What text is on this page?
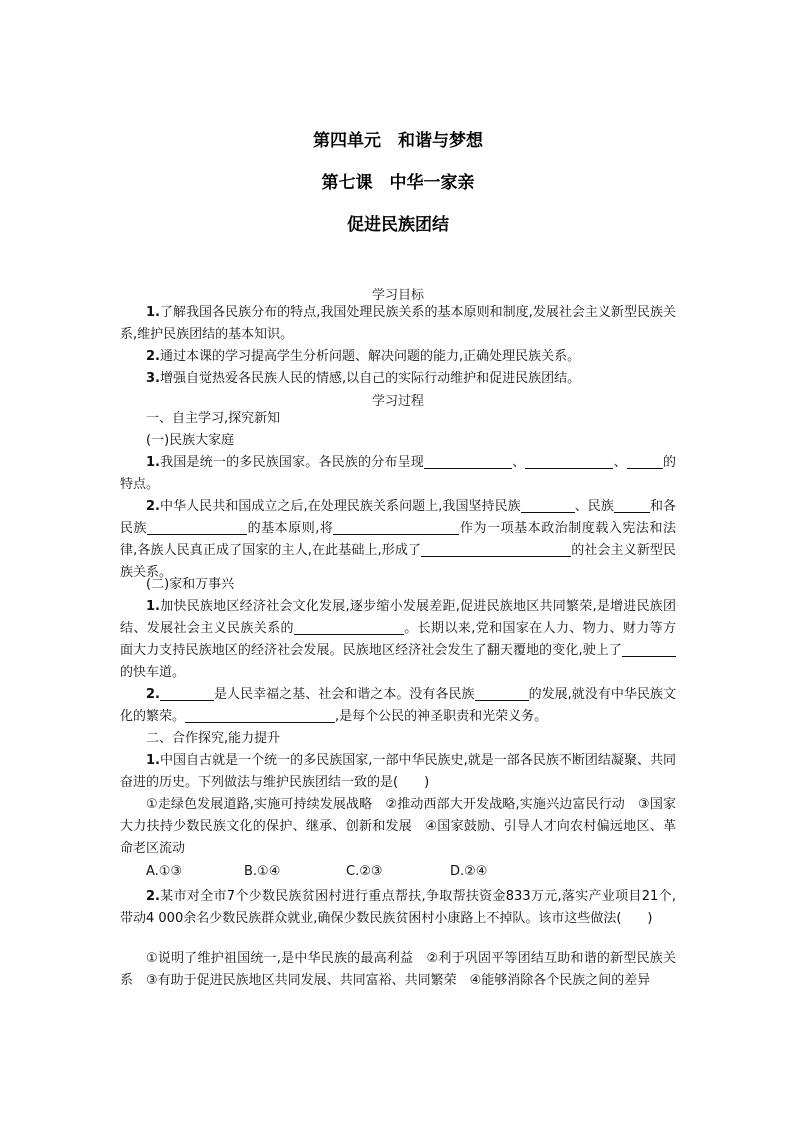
第四单元　和谐与梦想
第七课　中华一家亲
促进民族团结
学习目标
1.了解我国各民族分布的特点,我国处理民族关系的基本原则和制度,发展社会主义新型民族关系,维护民族团结的基本知识。
2.通过本课的学习提高学生分析问题、解决问题的能力,正确处理民族关系。
3.增强自觉热爱各民族人民的情感,以自己的实际行动维护和促进民族团结。
学习过程
一、自主学习,探究新知
(一)民族大家庭
1.我国是统一的多民族国家。各民族的分布呈现	、	、	的特点。
2.中华人民共和国成立之后,在处理民族关系问题上,我国坚持民族	、民族	和各民族	的基本原则,将	作为一项基本政治制度载入宪法和法律,各族人民真正成了国家的主人,在此基础上,形成了	的社会主义新型民族关系。
(二)家和万事兴
1.加快民族地区经济社会文化发展,逐步缩小发展差距,促进民族地区共同繁荣,是增进民族团结、发展社会主义民族关系的	。长期以来,党和国家在人力、物力、财力等方面大力支持民族地区的经济社会发展。民族地区经济社会发生了翻天覆地的变化,驶上了的快车道。
2.	是人民幸福之基、社会和谐之本。没有各民族	的发展,就没有中华民族文化的繁荣。	,是每个公民的神圣职责和光荣义务。
二、合作探究,能力提升
1.中国自古就是一个统一的多民族国家,一部中华民族史,就是一部各民族不断团结凝聚、共同奋进的历史。下列做法与维护民族团结一致的是(　　)
①走绿色发展道路,实施可持续发展战略　②推动西部大开发战略,实施兴边富民行动　③国家大力扶持少数民族文化的保护、继承、创新和发展　④国家鼓励、引导人才向农村偏远地区、革命老区流动
A.①③	B.①④	C.②③	D.②④
2.某市对全市7个少数民族贫困村进行重点帮扶,争取帮扶资金833万元,落实产业项目21个,带动4 000余名少数民族群众就业,确保少数民族贫困村小康路上不掉队。该市这些做法(　　)
①说明了维护祖国统一,是中华民族的最高利益　②利于巩固平等团结互助和谐的新型民族关系　③有助于促进民族地区共同发展、共同富裕、共同繁荣　④能够消除各个民族之间的差异
